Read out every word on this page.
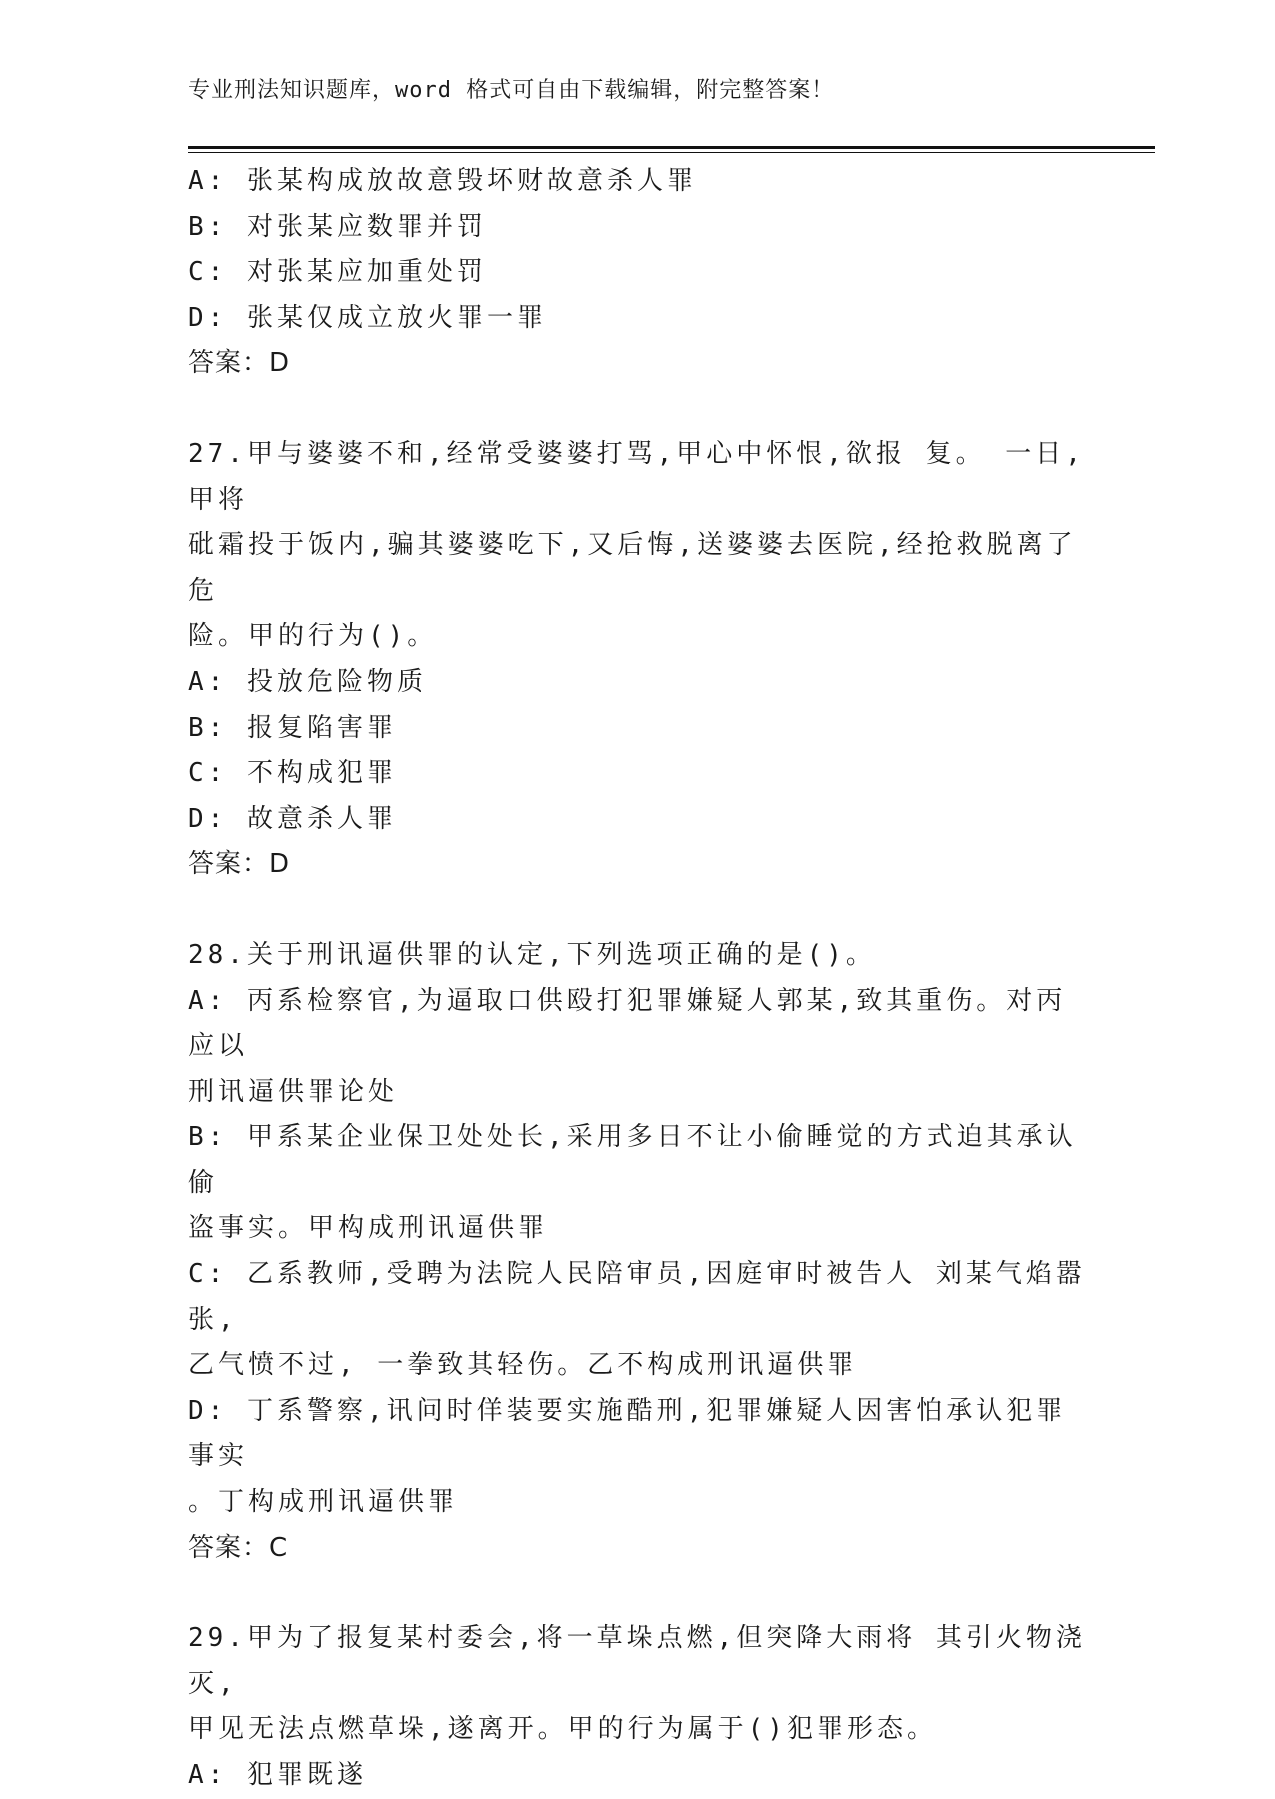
专业刑法知识题库，word 格式可自由下载编辑，附完整答案！
A: 张某构成放故意毁坏财故意杀人罪
B: 对张某应数罪并罚
C: 对张某应加重处罚
D: 张某仅成立放火罪一罪
答案：D
27.甲与婆婆不和,经常受婆婆打骂,甲心中怀恨,欲报 复。 一日,甲将
砒霜投于饭内,骗其婆婆吃下,又后悔,送婆婆去医院,经抢救脱离了危
险。甲的行为()。
A: 投放危险物质
B: 报复陷害罪
C: 不构成犯罪
D: 故意杀人罪
答案：D
28.关于刑讯逼供罪的认定,下列选项正确的是()。
A: 丙系检察官,为逼取口供殴打犯罪嫌疑人郭某,致其重伤。对丙应以
刑讯逼供罪论处
B: 甲系某企业保卫处处长,采用多日不让小偷睡觉的方式迫其承认偷
盗事实。甲构成刑讯逼供罪
C: 乙系教师,受聘为法院人民陪审员,因庭审时被告人 刘某气焰嚣张,
乙气愤不过, 一拳致其轻伤。乙不构成刑讯逼供罪
D: 丁系警察,讯问时佯装要实施酷刑,犯罪嫌疑人因害怕承认犯罪事实
。丁构成刑讯逼供罪
答案：C
29.甲为了报复某村委会,将一草垛点燃,但突降大雨将 其引火物浇灭,
甲见无法点燃草垛,遂离开。甲的行为属于()犯罪形态。
A: 犯罪既遂
